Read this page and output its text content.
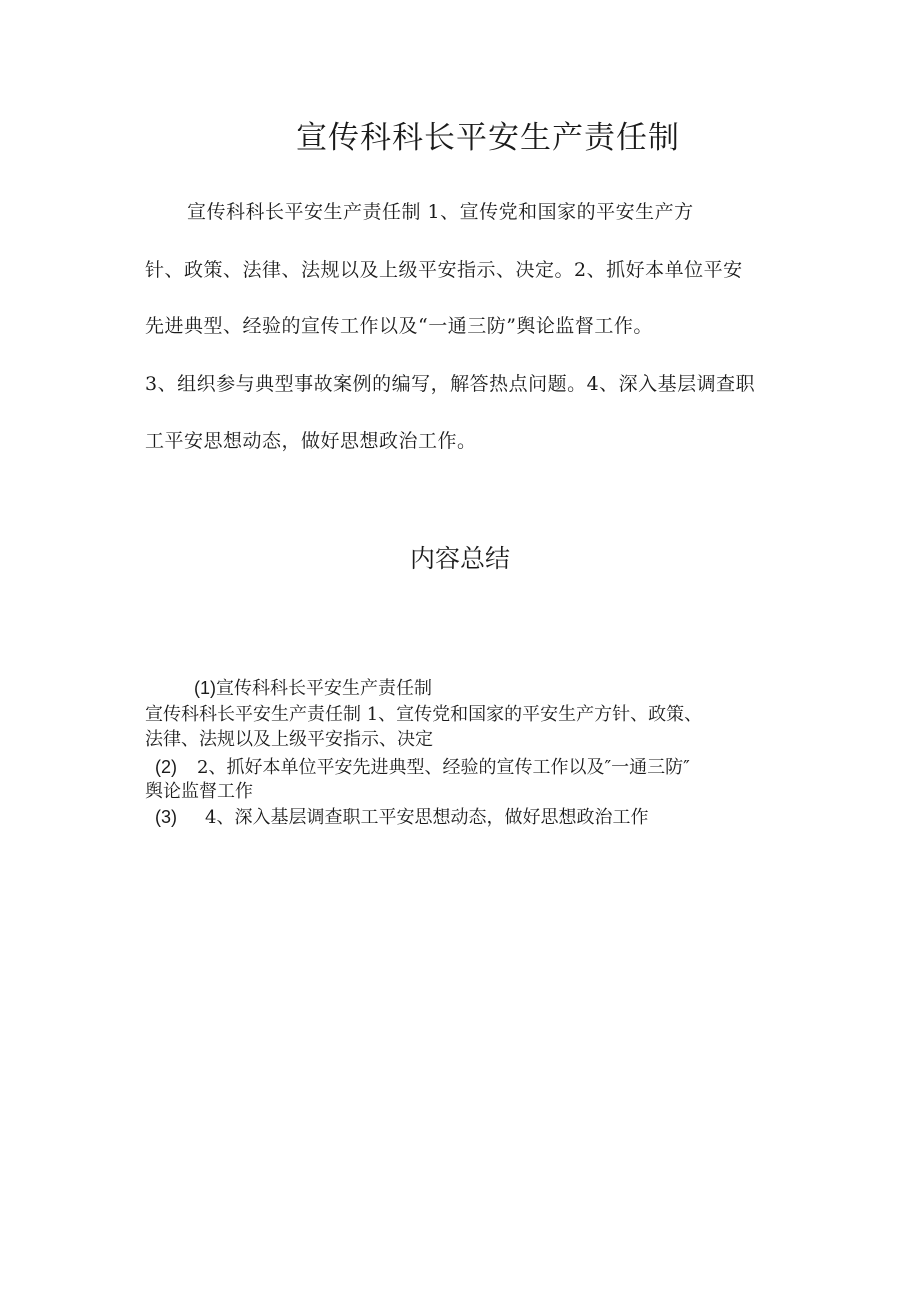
宣传科科长平安生产责任制
宣传科科长平安生产责任制 1、宣传党和国家的平安生产方
针、政策、法律、法规以及上级平安指示、决定。2、抓好本单位平安
先进典型、经验的宣传工作以及“一通三防”舆论监督工作。
3、组织参与典型事故案例的编写，解答热点问题。4、深入基层调查职
工平安思想动态，做好思想政治工作。
内容总结
(1)宣传科科长平安生产责任制
宣传科科长平安生产责任制 1、宣传党和国家的平安生产方针、政策、
法律、法规以及上级平安指示、决定
(2) 2、抓好本单位平安先进典型、经验的宣传工作以及″一通三防″
舆论监督工作
(3) 4、深入基层调查职工平安思想动态，做好思想政治工作
